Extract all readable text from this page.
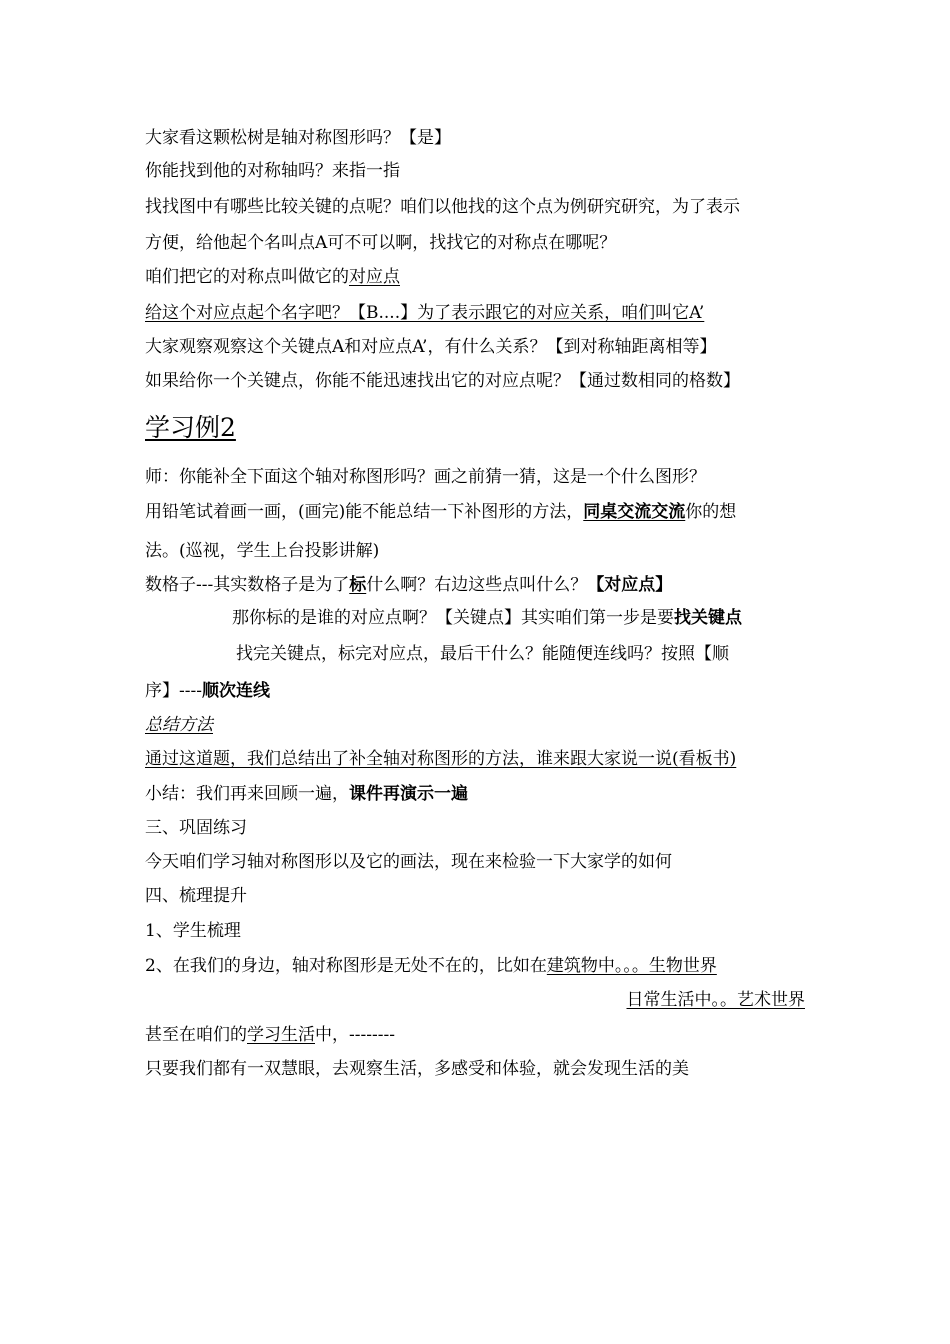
大家看这颗松树是轴对称图形吗？【是】
你能找到他的对称轴吗？来指一指
找找图中有哪些比较关键的点呢？咱们以他找的这个点为例研究研究，为了表示
方便，给他起个名叫点A可不可以啊，找找它的对称点在哪呢？
咱们把它的对称点叫做它的对应点
给这个对应点起个名字吧？【B....】为了表示跟它的对应关系，咱们叫它A’
大家观察观察这个关键点A和对应点A’，有什么关系？【到对称轴距离相等】
如果给你一个关键点，你能不能迅速找出它的对应点呢？【通过数相同的格数】
学习例2
师：你能补全下面这个轴对称图形吗？画之前猜一猜，这是一个什么图形？
用铅笔试着画一画，(画完)能不能总结一下补图形的方法，同桌交流交流你的想
法。(巡视，学生上台投影讲解)
数格子---其实数格子是为了标什么啊？右边这些点叫什么？【对应点】
那你标的是谁的对应点啊？【关键点】其实咱们第一步是要找关键点
找完关键点，标完对应点，最后干什么？能随便连线吗？按照【顺
序】----顺次连线
总结方法
通过这道题，我们总结出了补全轴对称图形的方法，谁来跟大家说一说(看板书)
小结：我们再来回顾一遍，课件再演示一遍
三、巩固练习
今天咱们学习轴对称图形以及它的画法，现在来检验一下大家学的如何
四、梳理提升
1、学生梳理
2、在我们的身边，轴对称图形是无处不在的，比如在建筑物中。。。生物世界
日常生活中。。艺术世界
甚至在咱们的学习生活中，--------
只要我们都有一双慧眼，去观察生活，多感受和体验，就会发现生活的美
